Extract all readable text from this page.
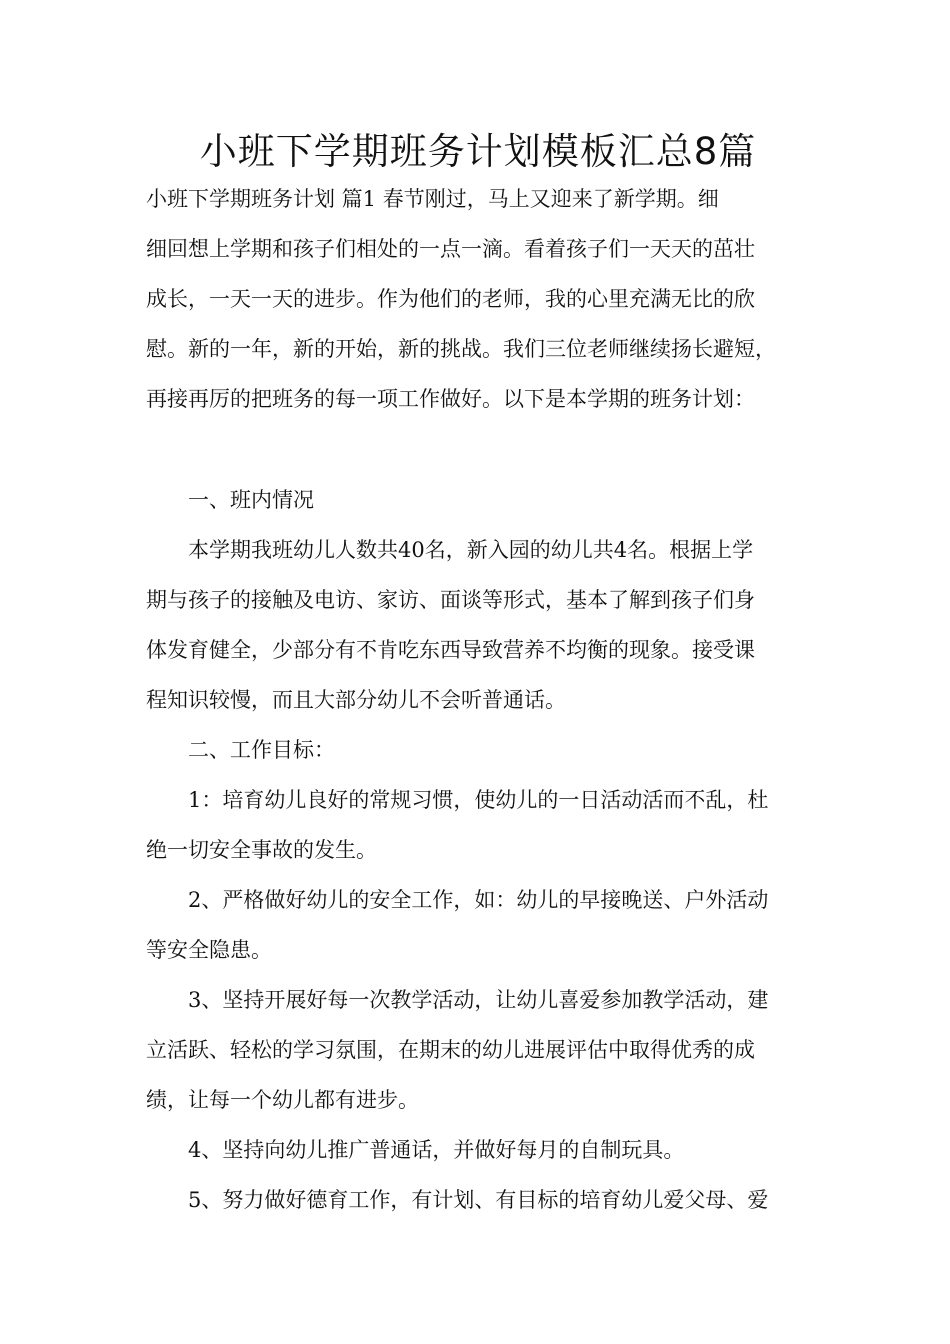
小班下学期班务计划模板汇总8篇
小班下学期班务计划 篇1 春节刚过，马上又迎来了新学期。细
细回想上学期和孩子们相处的一点一滴。看着孩子们一天天的茁壮
成长，一天一天的进步。作为他们的老师，我的心里充满无比的欣
慰。新的一年，新的开始，新的挑战。我们三位老师继续扬长避短，
再接再厉的把班务的每一项工作做好。以下是本学期的班务计划：
一、班内情况
本学期我班幼儿人数共40名，新入园的幼儿共4名。根据上学
期与孩子的接触及电访、家访、面谈等形式，基本了解到孩子们身
体发育健全，少部分有不肯吃东西导致营养不均衡的现象。接受课
程知识较慢，而且大部分幼儿不会听普通话。
二、工作目标：
1：培育幼儿良好的常规习惯，使幼儿的一日活动活而不乱，杜
绝一切安全事故的发生。
2、严格做好幼儿的安全工作，如：幼儿的早接晚送、户外活动
等安全隐患。
3、坚持开展好每一次教学活动，让幼儿喜爱参加教学活动，建
立活跃、轻松的学习氛围，在期末的幼儿进展评估中取得优秀的成
绩，让每一个幼儿都有进步。
4、坚持向幼儿推广普通话，并做好每月的自制玩具。
5、努力做好德育工作，有计划、有目标的培育幼儿爱父母、爱
